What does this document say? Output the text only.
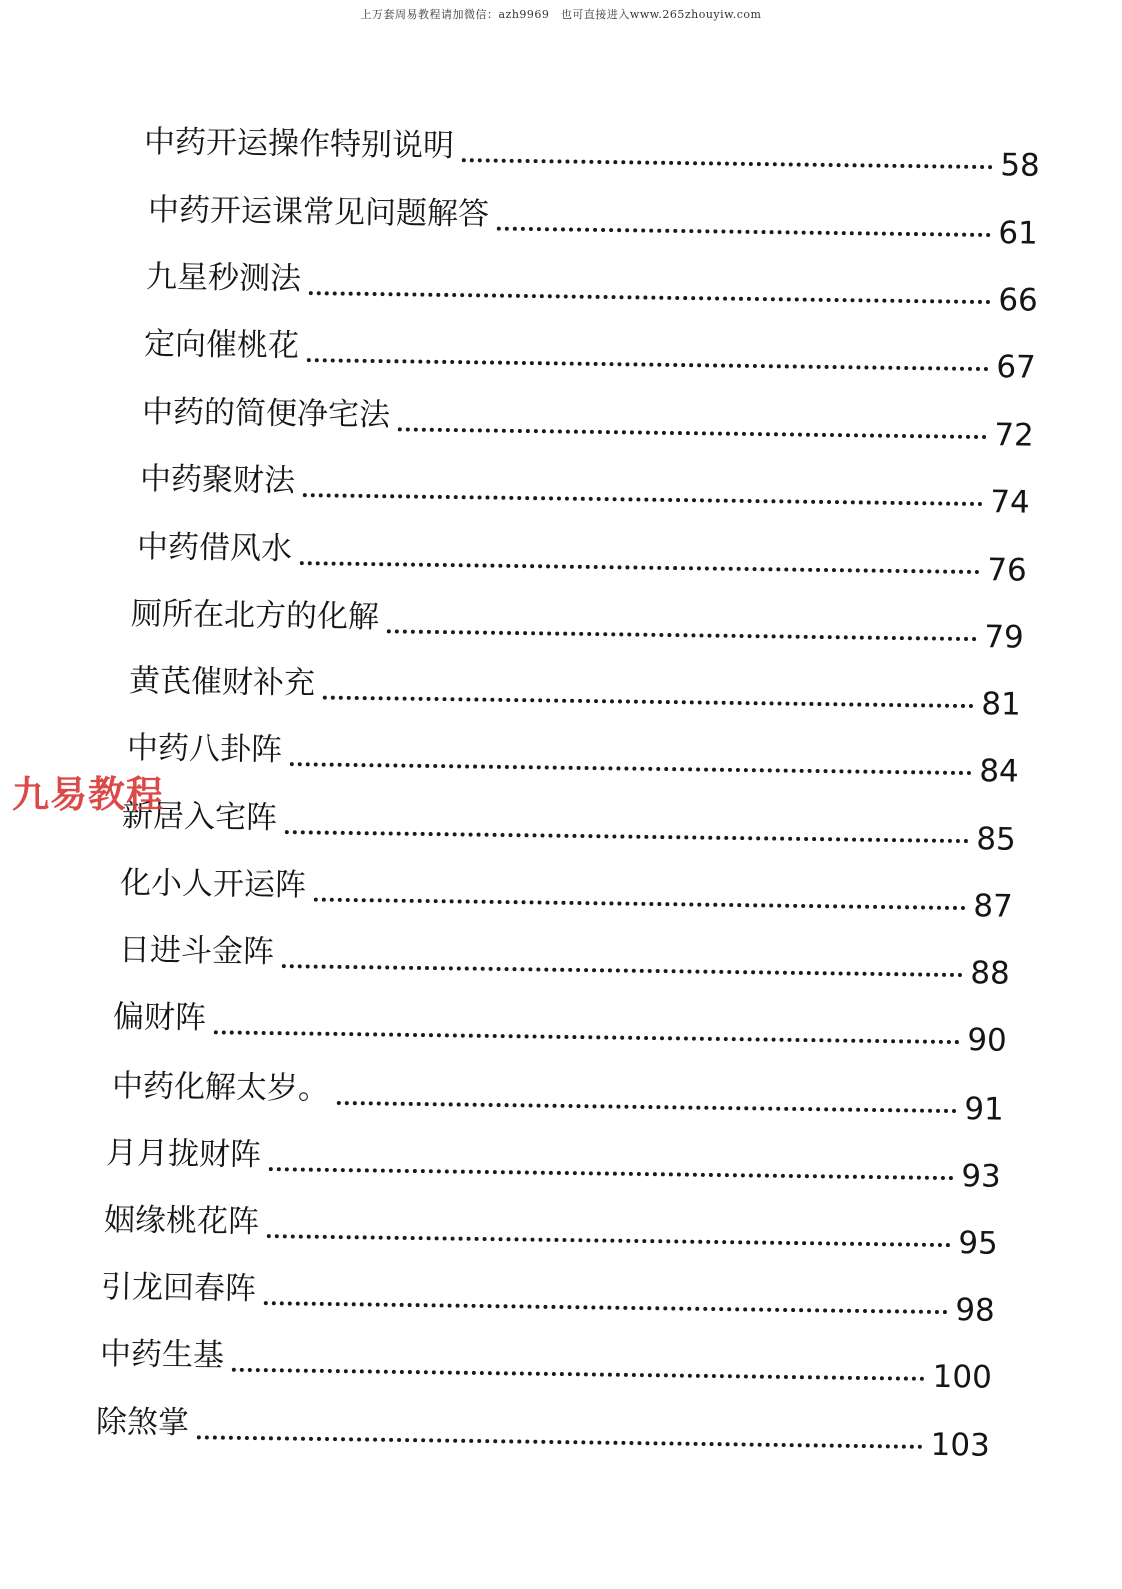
上万套周易教程请加微信：azh9969　也可直接进入www.265zhouyiw.com
中药开运操作特别说明
58
中药开运课常见问题解答
61
九星秒测法
66
定向催桃花
67
中药的简便净宅法
72
中药聚财法
74
中药借风水
76
厕所在北方的化解
79
黄芪催财补充
81
中药八卦阵
84
新居入宅阵
85
化小人开运阵
87
日进斗金阵
88
偏财阵
90
中药化解太岁。
91
月月拢财阵
93
姻缘桃花阵
95
引龙回春阵
98
中药生基
100
除煞掌
103
九易教程
